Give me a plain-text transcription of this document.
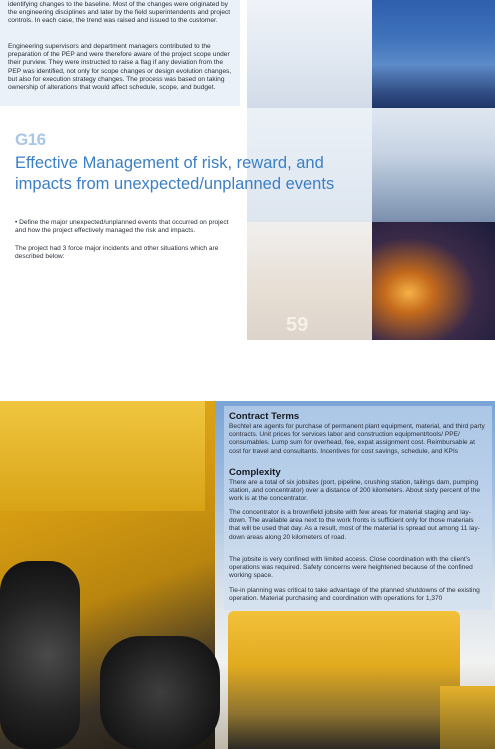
identifying changes to the baseline. Most of the changes were originated by the engineering disciplines and later by the field superintendents and project controls. In each case, the trend was raised and issued to the customer.

Engineering supervisors and department managers contributed to the preparation of the PEP and were therefore aware of the project scope under their purview. They were instructed to raise a flag if any deviation from the PEP was identified, not only for scope changes or design evolution changes, but also for execution strategy changes. The process was based on taking ownership of alterations that would affect schedule, scope, and budget.

G16
Effective Management of risk, reward, and impacts from unexpected/unplanned events

• Define the major unexpected/unplanned events that occurred on project and how the project effectively managed the risk and impacts.

The project had 3 force major incidents and other situations which are described below:

59
Contract Terms

Bechtel are agents for purchase of permanent plant equipment, material, and third party contracts. Unit prices for services labor and construction equipment/tools/ PPE/ consumables. Lump sum for overhead, fee, expat assignment cost. Reimbursable at cost for travel and consultants. Incentives for cost savings, schedule, and KPIs

Complexity

There are a total of six jobsites (port, pipeline, crushing station, tailings dam, pumping station, and concentrator) over a distance of 200 kilometers. About sixty percent of the work is at the concentrator.

The concentrator is a brownfield jobsite with few areas for material staging and lay-down. The available area next to the work fronts is sufficient only for those materials that will be used that day. As a result, most of the material is spread out among 11 lay-down areas along 20 kilometers of road.

The jobsite is very confined with limited access. Close coordination with the client's operations was required. Safety concerns were heightened because of the confined working space.

Tie-in planning was critical to take advantage of the planned shutdowns of the existing operation. Material purchasing and coordination with operations for 1,370
